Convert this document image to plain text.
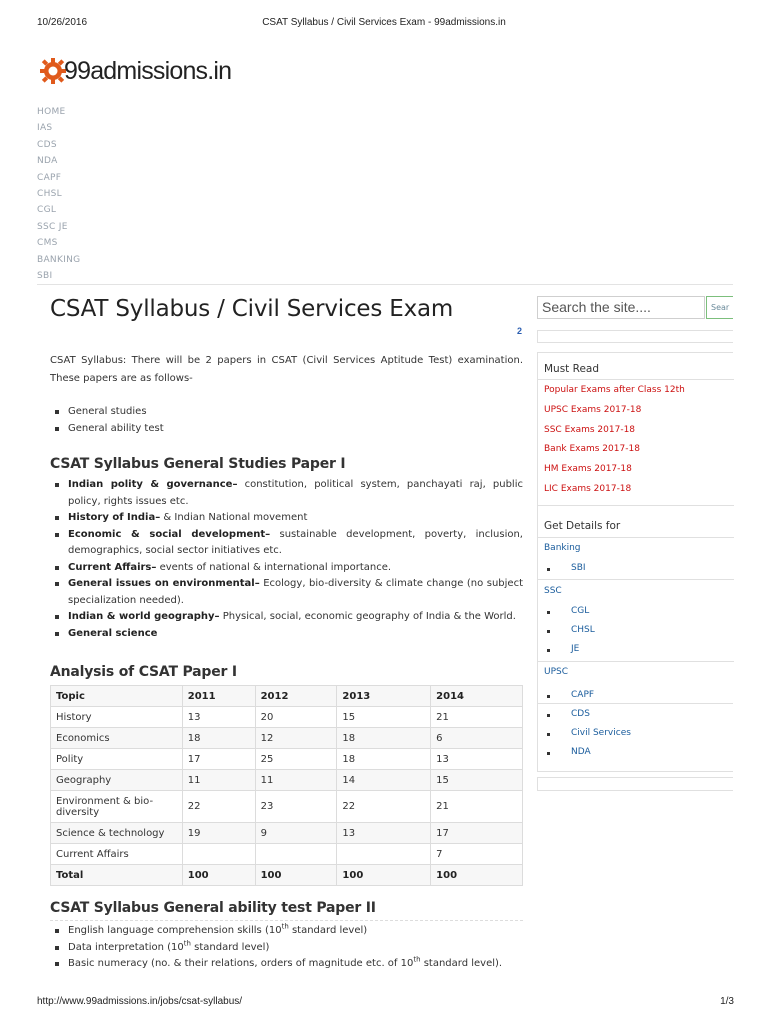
10/26/2016	CSAT Syllabus / Civil Services Exam - 99admissions.in
99admissions.in
HOME
IAS
CDS
NDA
CAPF
CHSL
CGL
SSC JE
CMS
BANKING
SBI
CSAT Syllabus / Civil Services Exam
2

CSAT Syllabus: There will be 2 papers in CSAT (Civil Services Aptitude Test) examination. These papers are as follows-

General studies
General ability test
CSAT Syllabus General Studies Paper I
Indian polity & governance– constitution, political system, panchayati raj, public policy, rights issues etc.
History of India– & Indian National movement
Economic & social development– sustainable development, poverty, inclusion, demographics, social sector initiatives etc.
Current Affairs– events of national & international importance.
General issues on environmental– Ecology, bio-diversity & climate change (no subject specialization needed).
Indian & world geography– Physical, social, economic geography of India & the World.
General science
Analysis of CSAT Paper I
Topic	2011	2012	2013	2014
History	13	20	15	21
Economics	18	12	18	6
Polity	17	25	18	13
Geography	11	11	14	15
Environment & bio-diversity	22	23	22	21
Science & technology	19	9	13	17
Current Affairs				7
Total	100	100	100	100
CSAT Syllabus General ability test Paper II
English language comprehension skills (10th standard level)
Data interpretation (10th standard level)
Basic numeracy (no. & their relations, orders of magnitude etc. of 10th standard level).
Search the site....	Sear
Must Read
Popular Exams after Class 12th
UPSC Exams 2017-18
SSC Exams 2017-18
Bank Exams 2017-18
HM Exams 2017-18
LIC Exams 2017-18
Get Details for
Banking
SBI
SSC
CGL
CHSL
JE
UPSC
CAPF
CDS
Civil Services
NDA
http://www.99admissions.in/jobs/csat-syllabus/	1/3
